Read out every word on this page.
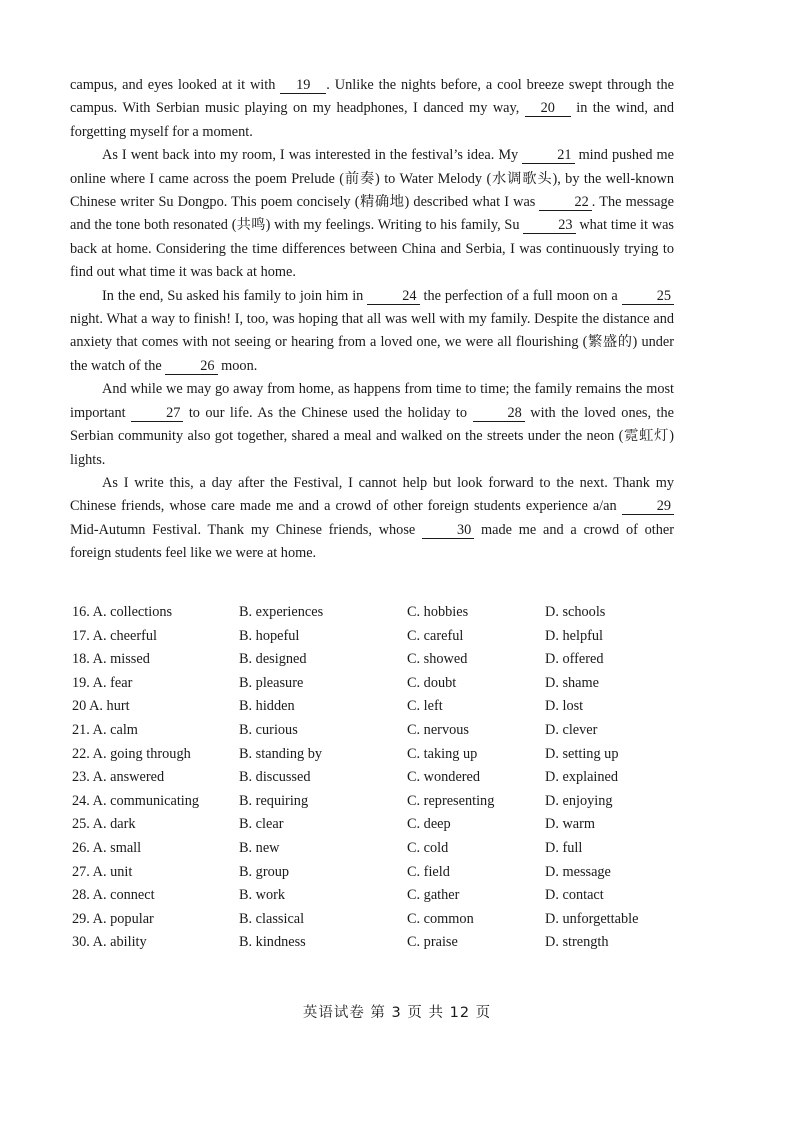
campus, and eyes looked at it with 19 . Unlike the nights before, a cool breeze swept through the campus. With Serbian music playing on my headphones, I danced my way, 20 in the wind, and forgetting myself for a moment.

As I went back into my room, I was interested in the festival’s idea. My 21 mind pushed me online where I came across the poem Prelude (前奏) to Water Melody (水调歌头), by the well-known Chinese writer Su Dongpo. This poem concisely (精确地) described what I was 22 . The message and the tone both resonated (共鸣) with my feelings. Writing to his family, Su 23 what time it was back at home. Considering the time differences between China and Serbia, I was continuously trying to find out what time it was back at home.

In the end, Su asked his family to join him in 24 the perfection of a full moon on a 25 night. What a way to finish! I, too, was hoping that all was well with my family. Despite the distance and anxiety that comes with not seeing or hearing from a loved one, we were all flourishing (繁盛的) under the watch of the 26 moon.

And while we may go away from home, as happens from time to time; the family remains the most important 27 to our life. As the Chinese used the holiday to 28 with the loved ones, the Serbian community also got together, shared a meal and walked on the streets under the neon (霓虹灯) lights.

As I write this, a day after the Festival, I cannot help but look forward to the next. Thank my Chinese friends, whose care made me and a crowd of other foreign students experience a/an 29 Mid-Autumn Festival. Thank my Chinese friends, whose 30 made me and a crowd of other foreign students feel like we were at home.

16. A. collections	B. experiences	C. hobbies	D. schools
17. A. cheerful	B. hopeful	C. careful	D. helpful
18. A. missed	B. designed	C. showed	D. offered
19. A. fear	B. pleasure	C. doubt	D. shame
20 A. hurt	B. hidden	C. left	D. lost
21. A. calm	B. curious	C. nervous	D. clever
22. A. going through	B. standing by	C. taking up	D. setting up
23. A. answered	B. discussed	C. wondered	D. explained
24. A. communicating	B. requiring	C. representing	D. enjoying
25. A. dark	B. clear	C. deep	D. warm
26. A. small	B. new	C. cold	D. full
27. A. unit	B. group	C. field	D. message
28. A. connect	B. work	C. gather	D. contact
29. A. popular	B. classical	C. common	D. unforgettable
30. A. ability	B. kindness	C. praise	D. strength
英语试卷 第 3 页 共 12 页
